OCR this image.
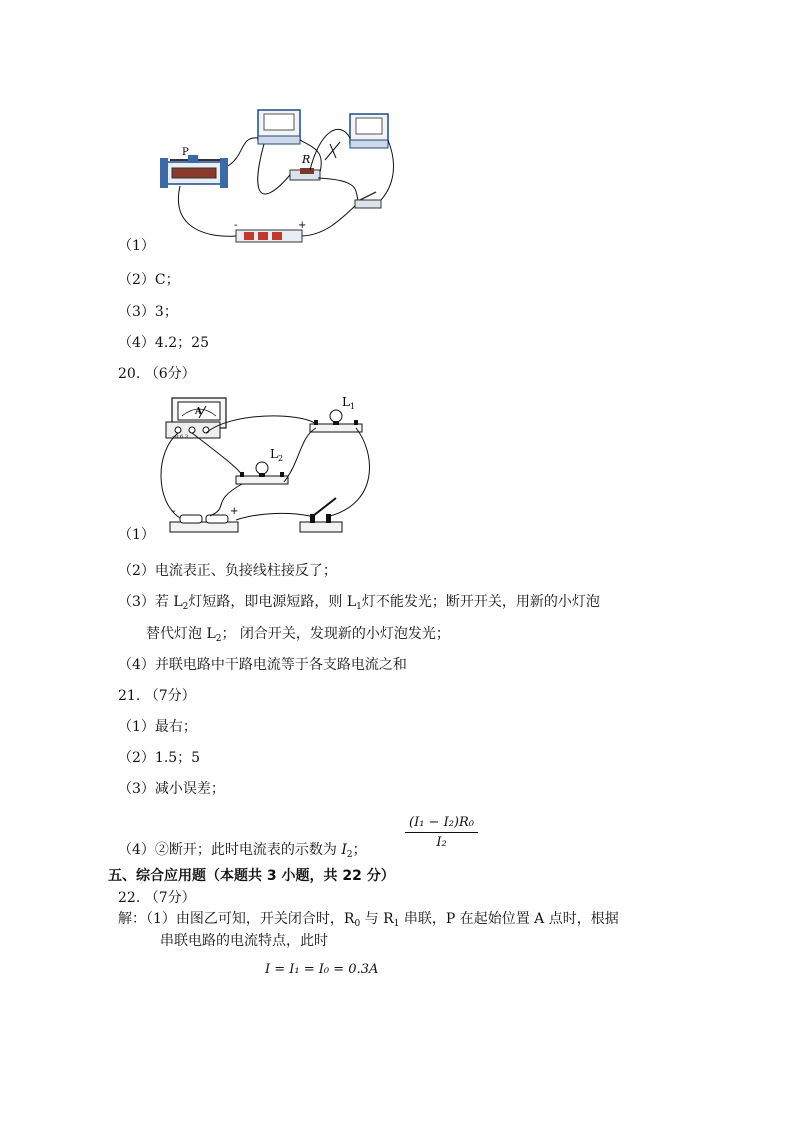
P
R
-	+
（1）
（2）C；
（3）3；
（4）4.2；25
20. （6分）
A
- 0.6 3
$L_1$
$L_2$
-	+
（1）
（2）电流表正、负接线柱接反了；
（3）若 $L_2$灯短路，即电源短路，则 $L_1$灯不能发光；断开开关，用新的小灯泡
替代灯泡 $L_2$； 闭合开关，发现新的小灯泡发光；
（4）并联电路中干路电流等于各支路电流之和
21. （7分）
（1）最右；
（2）1.5；5
（3）减小误差；
（4）②断开；此时电流表的示数为 $I_2$；	$\frac{\text{(I₁ − I₂)R₀}}{\text{I₂}}$
五、综合应用题（本题共 3 小题，共 22 分）
22. （7分）
解：（1）由图乙可知，开关闭合时，$R_0$ 与 $R_1$ 串联，P 在起始位置 A 点时，根据
串联电路的电流特点，此时
I = I₁ = I₀ = 0.3A
